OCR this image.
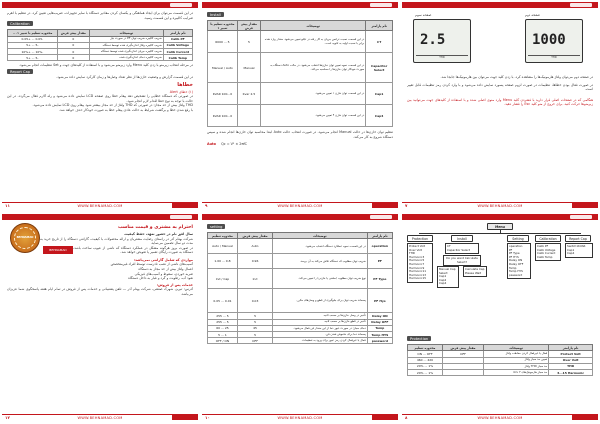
در این قسمت می‌توان برای ایجاد هماهنگی و یکسان کردن مقادیر دستگاه با سایر تجهیزات، ضریب‌هایی تعیین کرد. در تنظیم با اهرم ضرایب کالیبره و این قسمت رسید.
Calibration
نام پارامتر	توضیحات	مقدار پیش فرض	محدوده تنظیم با تغییر ۰.۰۱
Calib PF	ضریب کالیبره ضریب توان PF در صورت نیاز	0	-0.05 ... +0.05
Calib Voltage	ضریب کالیبره ولتاژ اندازه‌گیری شده توسط دستگاه	0	-5 ... +5
Calib Current	ضریب کالیبره جریان اندازه‌گیری شده توسط دستگاه	0	-10% ... +10%
Calib Temp	ضریب کالیبره دمای اندازه‌گیری شده	0	-5 ... +5
در مرحله انتخاب زیرمنو با زدن کلید Menu وارد زیرمنو می‌شود و با استفاده از کلیدهای جهت و Set تنظیمات انجام می‌شود.
Report Cap
در این قسمت گزارش و وضعیت خازن‌ها از نظر تعداد وصل‌ها و زمان کارکرد نمایش داده می‌شود.
خطاها
(۱) خطای Alert
در صورتی که دستگاه خطایی را تشخیص دهد پیغام خطا روی صفحه LCD نمایش داده می‌شود و رله آلارم فعال می‌گردد. در این حالت با توجه به نوع خطا اقدام لازم انجام شود.
THD ولتاژ بیش از حد مجاز: در صورتی که THD ولتاژ از حد مجاز بیشتر شود پیغام روی LCD نمایش داده می‌شود.
با رفع شدن خطا و برگشت شرایط به حالت عادی پیغام خطا به صورت خودکار حذف خواهد شد.
۱۱	WWW.BEHNAMAD.COM
Install
نام پارامتر	توضیحات	مقدار پیش فرض	محدوده تنظیم با تغییر ۱
CT	در این قسمت نسبت ترانس جریان به کار رفته در تابلو تعیین می‌شود. مقدار وارد شده برابر با نسبت اولیه به ثانویه است.	5	5 ... 6000
Capacitor Select	در این قسمت نحوه تعیین توان خازن‌ها انتخاب می‌شود. در حالت Auto دستگاه به صورت خودکار توان خازن‌ها را محاسبه می‌کند.	Manual	Manual / Auto
Cap1	در این قسمت توان خازن ۱ تعیین می‌شود.	2.5 Kvar	0...100 KVAR
Cap4	در این قسمت توان خازن ۴ تعیین می‌شود.		0...100 KVAR
تنظیم توان خازن‌ها در حالت Manual انجام می‌شود. در صورت انتخاب حالت Auto ابتدا محاسبه توان خازن‌ها انجام شده و سپس دستگاه شروع به کار می‌کند.
Auto Qc = V² × 2πfC
۹	WWW.BEHNAMAD.COM
صفحه سوم	صفحه دوم
2.5
THD
1000
THD
در صفحه دوم می‌توان ولتاژ هارمونیک‌ها را مشاهده کرد. با زدن کلید جهت می‌توان بین هارمونیک‌ها جابجا شد.
در صورت فعال بودن خطاها، تنظیمات در صورت لزوم صفحه پسورد نمایش داده می‌شود و با وارد کردن رمز تنظیمات قابل تغییر است.
هنگامی که در صفحات اصلی قرار دارید با فشردن کلید Menu وارد منوی اصلی شده و با استفاده از کلیدهای جهت می‌توانید بین زیرمنوها حرکت کنید. برای خروج از منو کلید Esc را فشار دهید.
۷	WWW.BEHNAMAD.COM
BEHNAMAD
احترام به مشتری و قیمت مناسب
سال افق نام در حضور تعهد، حفظ کیفیت
شرکت بهنام آذر در راستای رضایت مشتریان و ارائه محصولات با کیفیت، گارانتی دستگاه را از تاریخ خرید به مدت دو سال تضمین می‌نماید.
BEHNAMAD	در صورت بروز هرگونه مشکل در عملکرد دستگاه که ناشی از عیوب ساخت باشد، دستگاه به صورت رایگان تعمیر یا تعویض خواهد شد.
مواردی که شامل گارانتی نمی‌باشد:
آسیب‌های ناشی از نصب نادرست توسط افراد غیرمتخصص
اعمال ولتاژ بیش از حد مجاز به دستگاه
ضربه خوردن، سقوط و آسیب‌های فیزیکی
نفوذ آب، رطوبت و گرد و غبار به داخل دستگاه
خدمات پس از فروش:
آدرس: تبریز، شهرک صنعتی، شرکت بهنام آذر — تلفن پشتیبانی و خدمات پس از فروش در تمام ایام هفته پاسخگوی شما عزیزان می‌باشد.
۱۲	WWW.BEHNAMAD.COM
setting
نام پارامتر	توضیحات	مقدار پیش فرض	محدوده تنظیم
operation	در این قسمت نحوه عملکرد دستگاه انتخاب می‌شود.	Auto	Auto / Manual
PF	ضریب توان مطلوب که دستگاه تلاش می‌کند به آن برسد.	0.96	0.8 ... 1.00
PF Type	نوع ضریب توان مطلوب (سلفی یا خازنی) را تعیین می‌کند.	Ind	Ind / Cap
PF Hys	پسماند ضریب توان برای جلوگیری از قطع و وصل‌های مکرر.	0.03	0.01 ... 0.05
Delay ON	تأخیر در وصل خازن‌ها بر حسب ثانیه.	5	5 ... 255
Delay OFF	تأخیر در قطع خازن‌ها بر حسب ثانیه.	5	5 ... 255
Temp	دمای مجاز؛ در صورت عبور دما از این مقدار فن فعال می‌شود.	45	25 ... 60
Temp HYS	پسماند دما برای خاموش شدن فن.	5	1 ... 5
password	فعال یا غیرفعال کردن رمز عبور برای ورود به تنظیمات.	OFF	OFF / ON
۱۰	WWW.BEHNAMAD.COM
Menu
Protection	Install	Setting	Calibration	Report Cap
Protect Volt
Over Volt
THD
Harmonic3
Harmonic5
Harmonic7
Harmonic9
Harmonic11
Harmonic13
Harmonic15
CT
Capacitor Select
Do you want Calculate Select?
Manual Cap Select
Cap1
Cap2
Cap4
Calculate Cap Please Wait
operation
PF
PF Type
PF HYS
Delay ON
Delay OFF
Temp
Temp HYS
password
Calib PF
Calib Voltage
Calib Current
Calib Temp
Switch1KVAR
Cap1
Cap4
Protection
نام پارامتر	توضیحات	مقدار پیش فرض	محدوده تنظیم
Protect Volt	فعال یا غیرفعال کردن حفاظت ولتاژ	OFF	ON ... OFF
Over Volt	تعیین حد مجاز ولتاژ		420 ... 460
THD	حد مجاز THD ولتاژ		1% ... 20%
3...15 Harmonic	حد مجاز هارمونیک‌های ۳ تا ۱۵		1% ... 20%
۸	WWW.BEHNAMAD.COM
